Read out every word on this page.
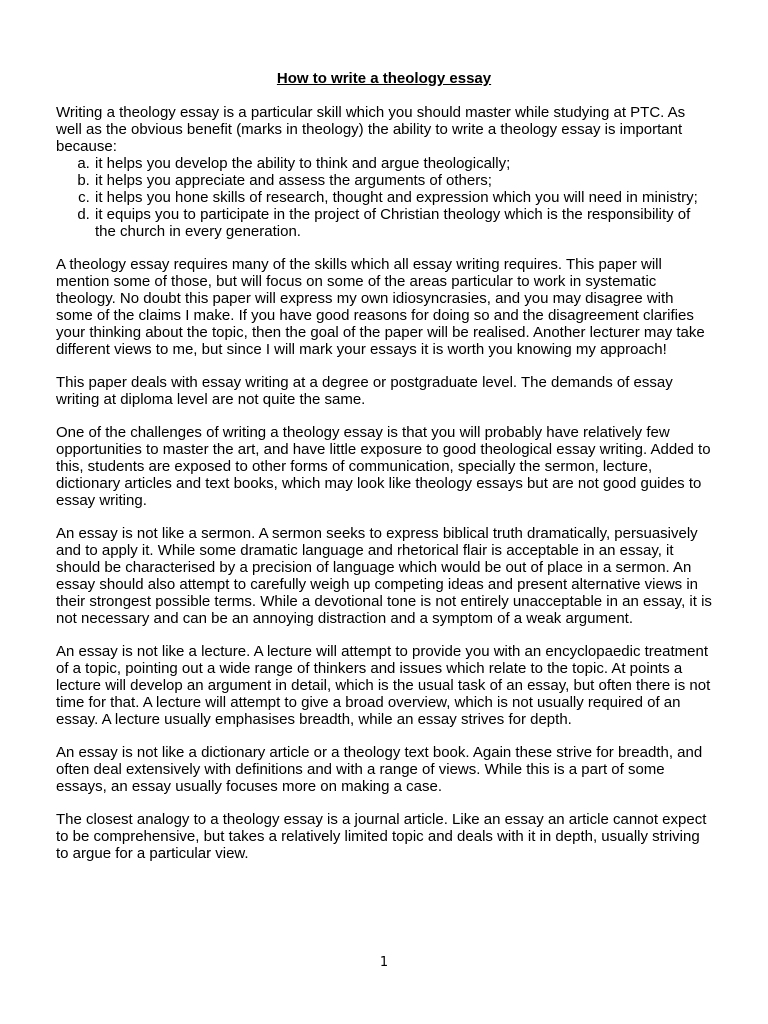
How to write a theology essay

Writing a theology essay is a particular skill which you should master while studying at PTC. As well as the obvious benefit (marks in theology) the ability to write a theology essay is important because:

a. it helps you develop the ability to think and argue theologically;
b. it helps you appreciate and assess the arguments of others;
c. it helps you hone skills of research, thought and expression which you will need in ministry;
d. it equips you to participate in the project of Christian theology which is the responsibility of the church in every generation.

A theology essay requires many of the skills which all essay writing requires. This paper will mention some of those, but will focus on some of the areas particular to work in systematic theology. No doubt this paper will express my own idiosyncrasies, and you may disagree with some of the claims I make. If you have good reasons for doing so and the disagreement clarifies your thinking about the topic, then the goal of the paper will be realised. Another lecturer may take different views to me, but since I will mark your essays it is worth you knowing my approach!

This paper deals with essay writing at a degree or postgraduate level. The demands of essay writing at diploma level are not quite the same.

One of the challenges of writing a theology essay is that you will probably have relatively few opportunities to master the art, and have little exposure to good theological essay writing. Added to this, students are exposed to other forms of communication, specially the sermon, lecture, dictionary articles and text books, which may look like theology essays but are not good guides to essay writing.

An essay is not like a sermon. A sermon seeks to express biblical truth dramatically, persuasively and to apply it. While some dramatic language and rhetorical flair is acceptable in an essay, it should be characterised by a precision of language which would be out of place in a sermon. An essay should also attempt to carefully weigh up competing ideas and present alternative views in their strongest possible terms. While a devotional tone is not entirely unacceptable in an essay, it is not necessary and can be an annoying distraction and a symptom of a weak argument.

An essay is not like a lecture. A lecture will attempt to provide you with an encyclopaedic treatment of a topic, pointing out a wide range of thinkers and issues which relate to the topic. At points a lecture will develop an argument in detail, which is the usual task of an essay, but often there is not time for that. A lecture will attempt to give a broad overview, which is not usually required of an essay. A lecture usually emphasises breadth, while an essay strives for depth.

An essay is not like a dictionary article or a theology text book. Again these strive for breadth, and often deal extensively with definitions and with a range of views. While this is a part of some essays, an essay usually focuses more on making a case.

The closest analogy to a theology essay is a journal article. Like an essay an article cannot expect to be comprehensive, but takes a relatively limited topic and deals with it in depth, usually striving to argue for a particular view.

1
